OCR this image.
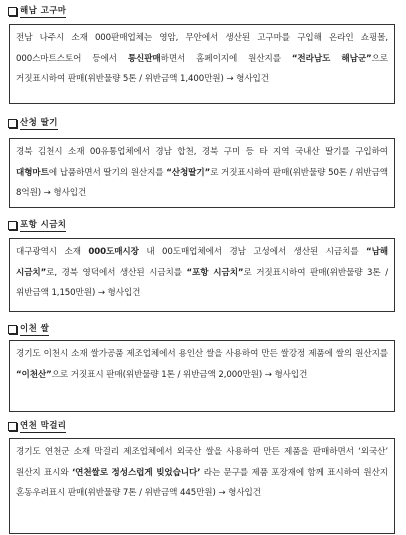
해남 고구마
전남 나주시 소재 000판매업체는 영암, 무안에서 생산된 고구마를 구입해 온라인 쇼핑몰, 000스마트스토어 등에서 통신판매하면서 홈페이지에 원산지를 “전라남도 해남군”으로 거짓표시하여 판매(위반물량 5톤 / 위반금액 1,400만원) → 형사입건
산청 딸기
경북 김천시 소재 00유통업체에서 경남 합천, 경북 구미 등 타 지역 국내산 딸기를 구입하여 대형마트에 납품하면서 딸기의 원산지를 “산청딸기”로 거짓표시하여 판매(위반물량 50톤 / 위반금액 8억원) → 형사입건
포항 시금치
대구광역시 소재 000도매시장 내 00도매업체에서 경남 고성에서 생산된 시금치를 “남해 시금치”로, 경북 영덕에서 생산된 시금치를 “포항 시금치”로 거짓표시하여 판매(위반물량 3톤 / 위반금액 1,150만원) → 형사입건
이천 쌀
경기도 이천시 소재 쌀가공품 제조업체에서 용인산 쌀을 사용하여 만든 쌀강정 제품에 쌀의 원산지를 “이천산”으로 거짓표시 판매(위반물량 1톤 / 위반금액 2,000만원) → 형사입건
연천 막걸리
경기도 연천군 소재 막걸리 제조업체에서 외국산 쌀을 사용하여 만든 제품을 판매하면서 ‘외국산’ 원산지 표시와 ‘연천쌀로 정성스럽게 빚었습니다’ 라는 문구를 제품 포장재에 함께 표시하여 원산지 혼동우려표시 판매(위반물량 7톤 / 위반금액 445만원) → 형사입건
